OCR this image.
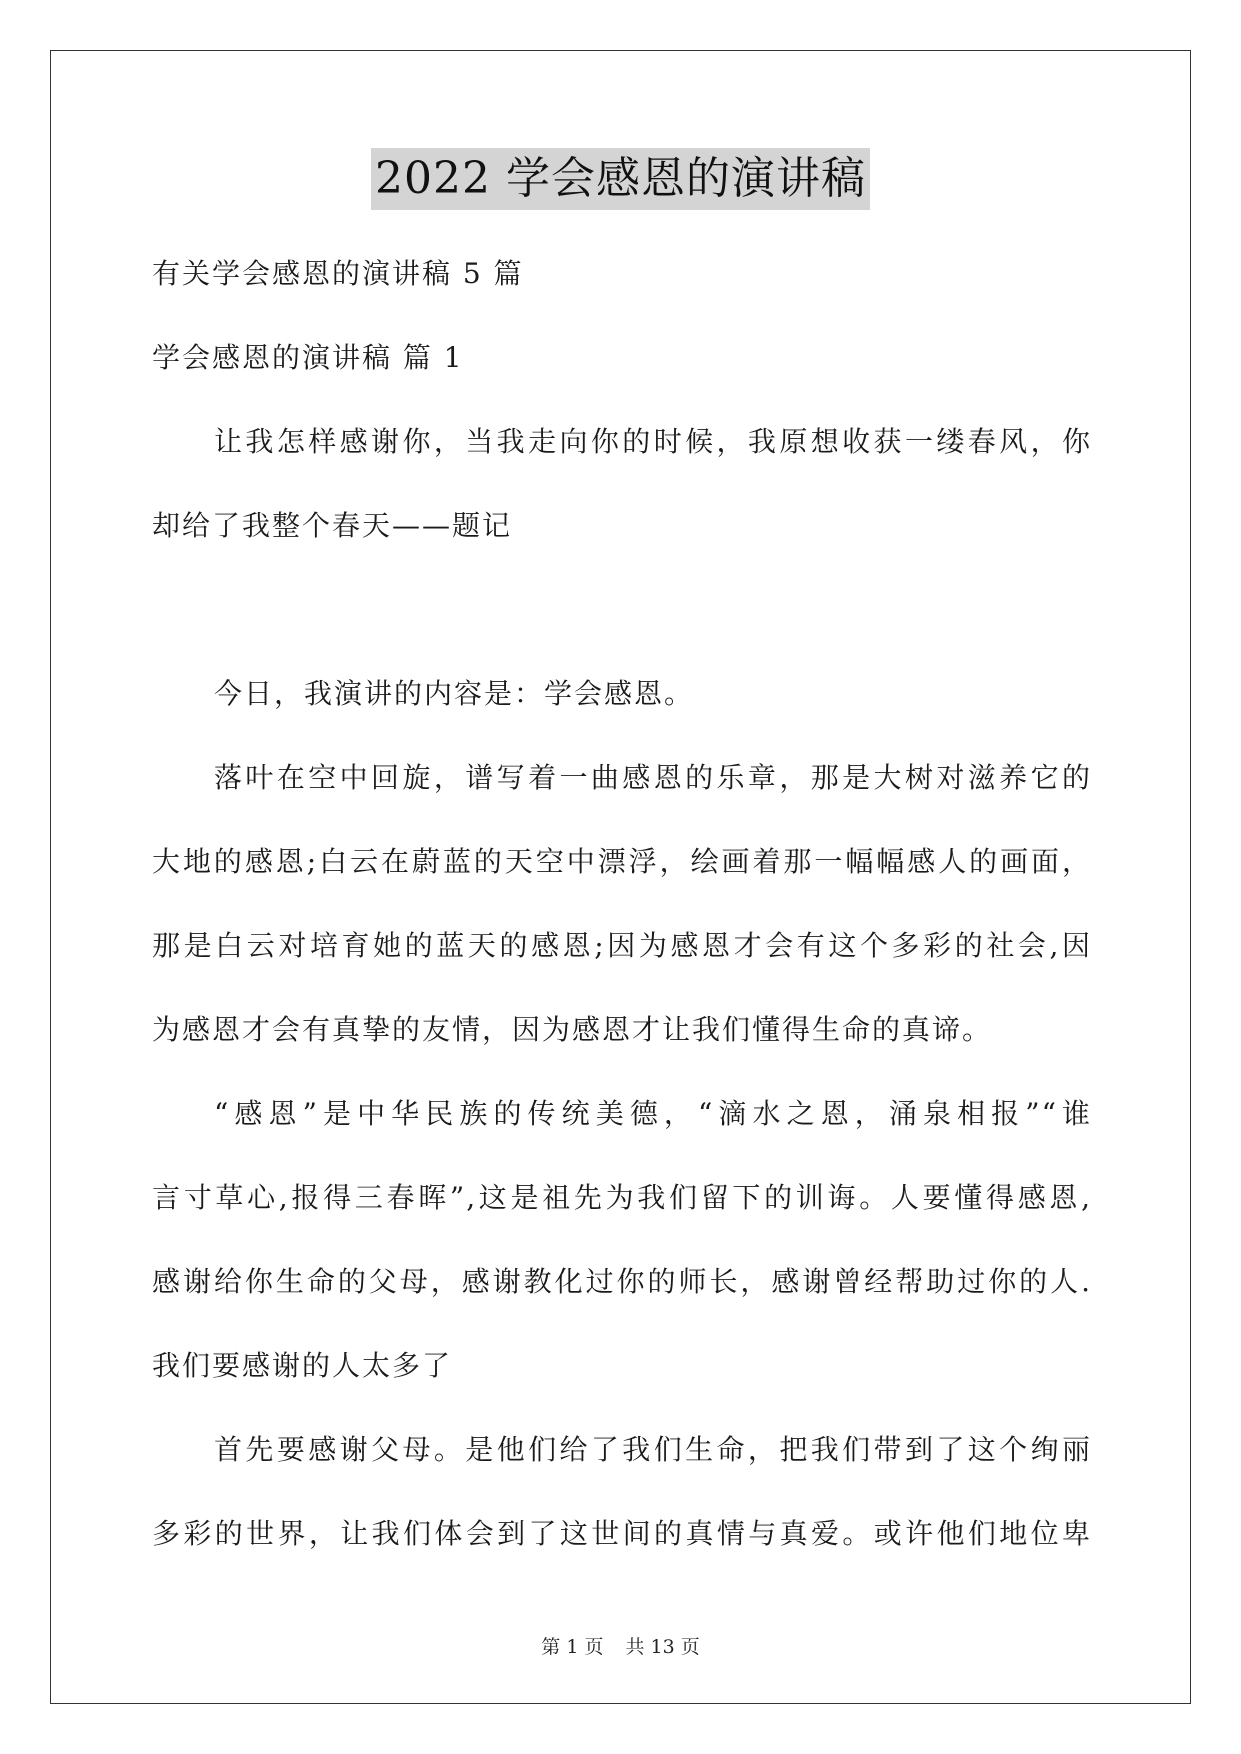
2022 学会感恩的演讲稿
有关学会感恩的演讲稿 5 篇
学会感恩的演讲稿 篇 1
让我怎样感谢你，当我走向你的时候，我原想收获一缕春风，你
却给了我整个春天——题记
今日，我演讲的内容是：学会感恩。
落叶在空中回旋，谱写着一曲感恩的乐章，那是大树对滋养它的
大地的感恩;白云在蔚蓝的天空中漂浮，绘画着那一幅幅感人的画面，
那是白云对培育她的蓝天的感恩;因为感恩才会有这个多彩的社会,因
为感恩才会有真挚的友情，因为感恩才让我们懂得生命的真谛。
“感恩”是中华民族的传统美德，“滴水之恩，涌泉相报”“谁
言寸草心,报得三春晖”,这是祖先为我们留下的训诲。人要懂得感恩,
感谢给你生命的父母，感谢教化过你的师长，感谢曾经帮助过你的人.
我们要感谢的人太多了
首先要感谢父母。是他们给了我们生命，把我们带到了这个绚丽
多彩的世界，让我们体会到了这世间的真情与真爱。或许他们地位卑
第 1 页 共 13 页
